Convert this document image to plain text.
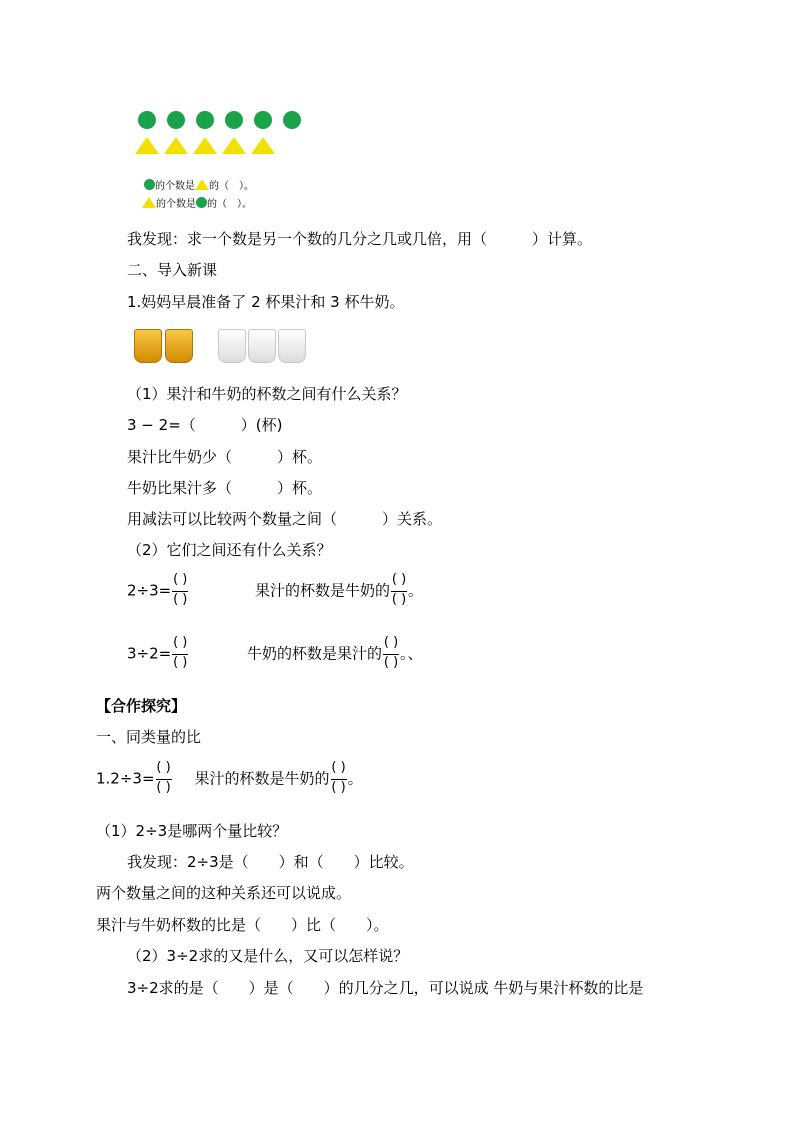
的个数是 的（　）。
的个数是 的（　）。
我发现：求一个数是另一个数的几分之几或几倍，用（　　　）计算。
二、导入新课
1.妈妈早晨准备了 2 杯果汁和 3 杯牛奶。
（1）果汁和牛奶的杯数之间有什么关系？
3 − 2=（　　　）(杯)
果汁比牛奶少（　　　）杯。
牛奶比果汁多（　　　）杯。
用减法可以比较两个数量之间（　　　）关系。
（2）它们之间还有什么关系？
$2\div 3= \frac{( )}{( )}$	果汁的杯数是牛奶的 $\frac{( )}{( )}$ 。
$3\div 2= \frac{( )}{( )}$	牛奶的杯数是果汁的 $\frac{( )}{( )}$ 。、
【合作探究】
一、同类量的比
$1.2\div 3= \frac{( )}{( )}$ 果汁的杯数是牛奶的 $\frac{( )}{( )}$ 。
（1）2÷3是哪两个量比较？
我发现：2÷3是（　　）和（　　）比较。
两个数量之间的这种关系还可以说成。
果汁与牛奶杯数的比是（　　）比（　　）。
（2）3÷2求的又是什么，又可以怎样说？
3÷2求的是（　　）是（　　）的几分之几，可以说成 牛奶与果汁杯数的比是
